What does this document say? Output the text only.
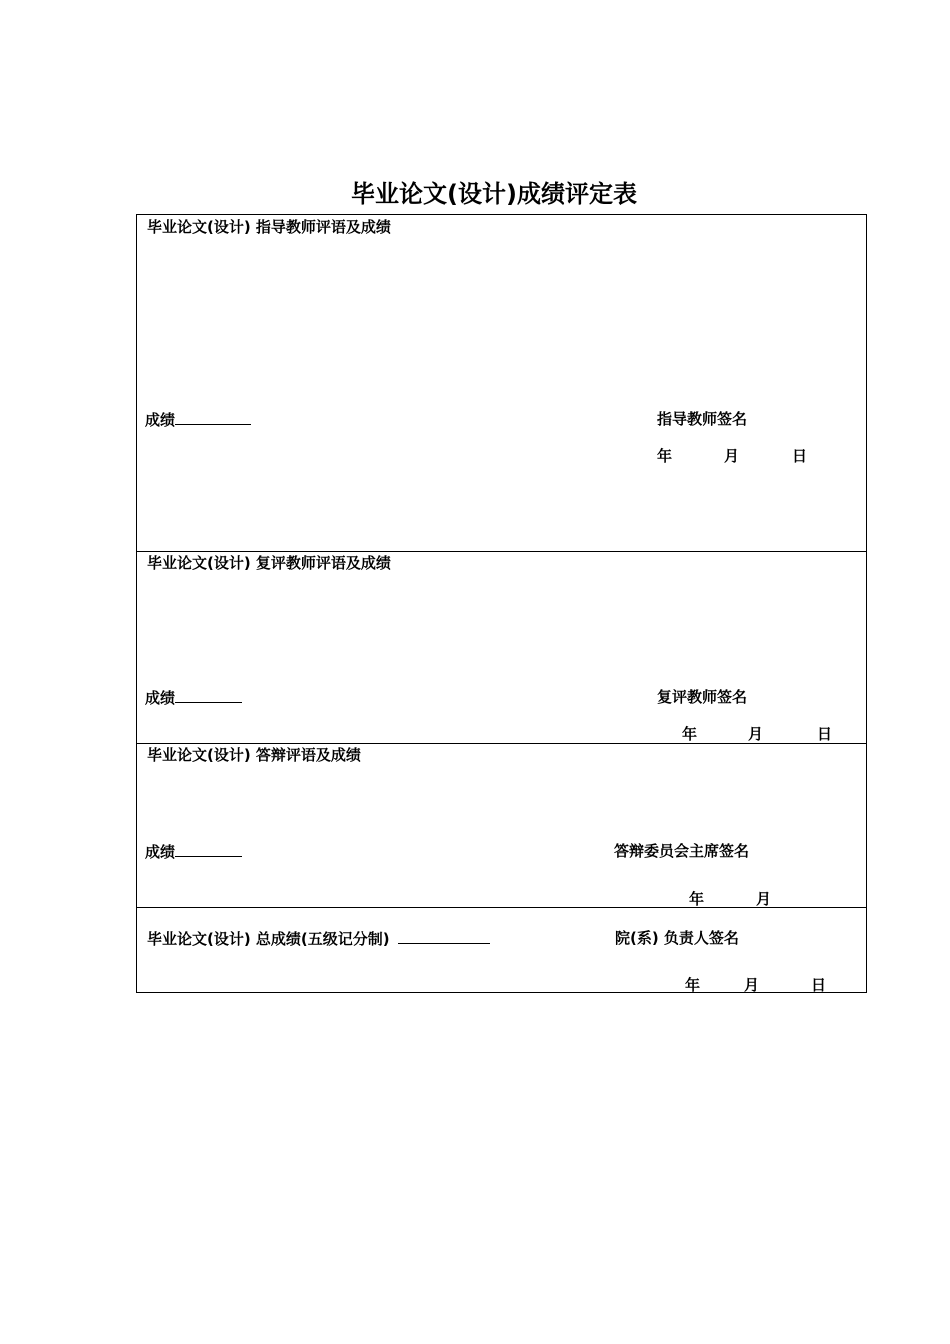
毕业论文(设计)成绩评定表
毕业论文(设计) 指导教师评语及成绩
成绩	指导教师签名
年	月	日
毕业论文(设计) 复评教师评语及成绩
成绩	复评教师签名
年	月	日
毕业论文(设计) 答辩评语及成绩
成绩	答辩委员会主席签名
年	月
毕业论文(设计) 总成绩(五级记分制)	院(系) 负责人签名
年	月	日
